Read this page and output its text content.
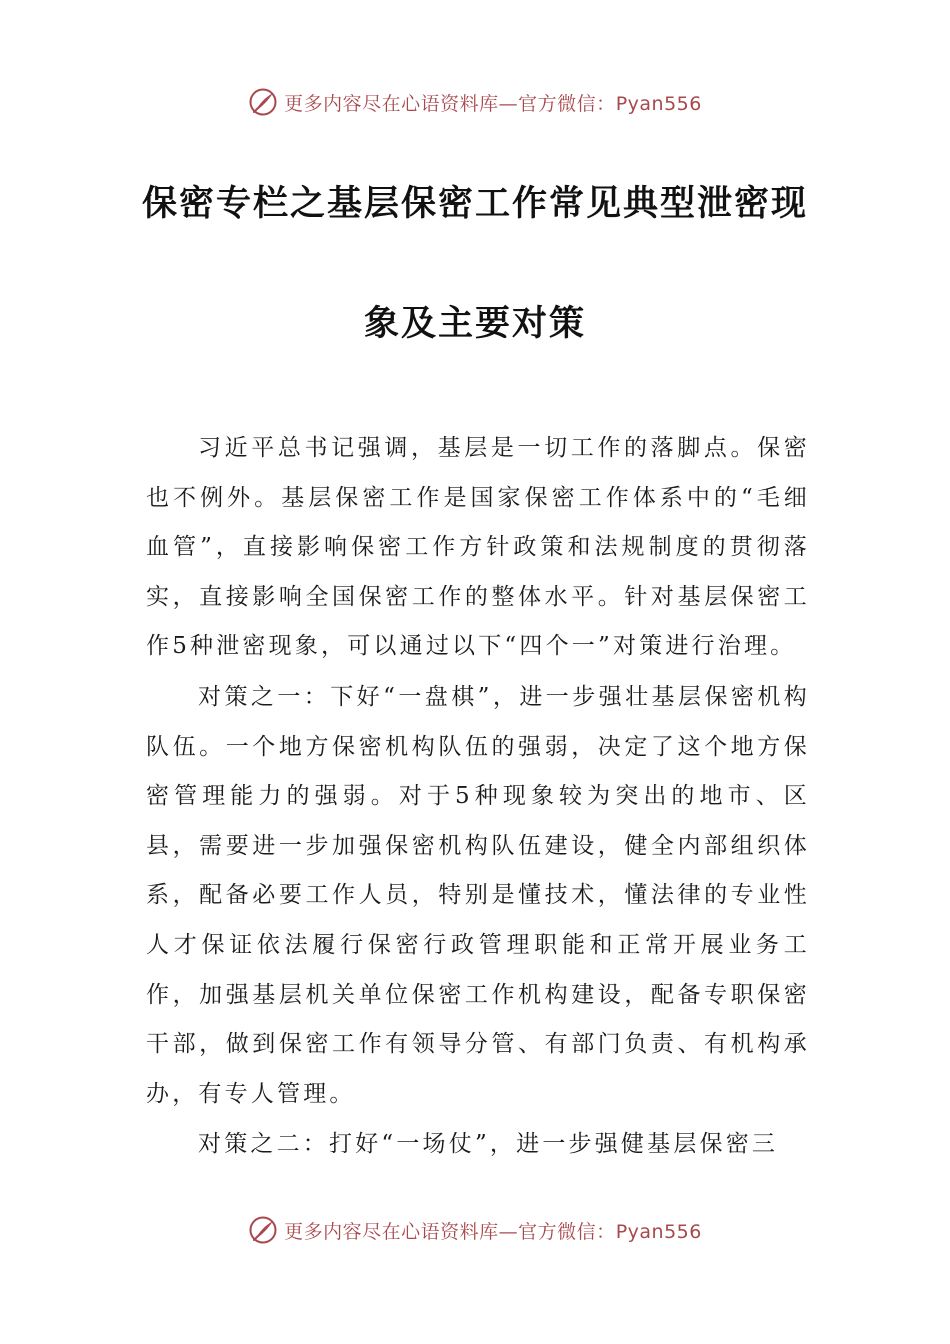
更多内容尽在心语资料库—官方微信：Pyan556
保密专栏之基层保密工作常见典型泄密现
象及主要对策

习近平总书记强调，基层是一切工作的落脚点。保密也不例外。基层保密工作是国家保密工作体系中的“毛细血管”，直接影响保密工作方针政策和法规制度的贯彻落实，直接影响全国保密工作的整体水平。针对基层保密工作5种泄密现象，可以通过以下“四个一”对策进行治理。

对策之一：下好“一盘棋”，进一步强壮基层保密机构队伍。一个地方保密机构队伍的强弱，决定了这个地方保密管理能力的强弱。对于5种现象较为突出的地市、区县，需要进一步加强保密机构队伍建设，健全内部组织体系，配备必要工作人员，特别是懂技术，懂法律的专业性人才保证依法履行保密行政管理职能和正常开展业务工作，加强基层机关单位保密工作机构建设，配备专职保密干部，做到保密工作有领导分管、有部门负责、有机构承办，有专人管理。

对策之二：打好“一场仗”，进一步强健基层保密三

更多内容尽在心语资料库—官方微信：Pyan556
